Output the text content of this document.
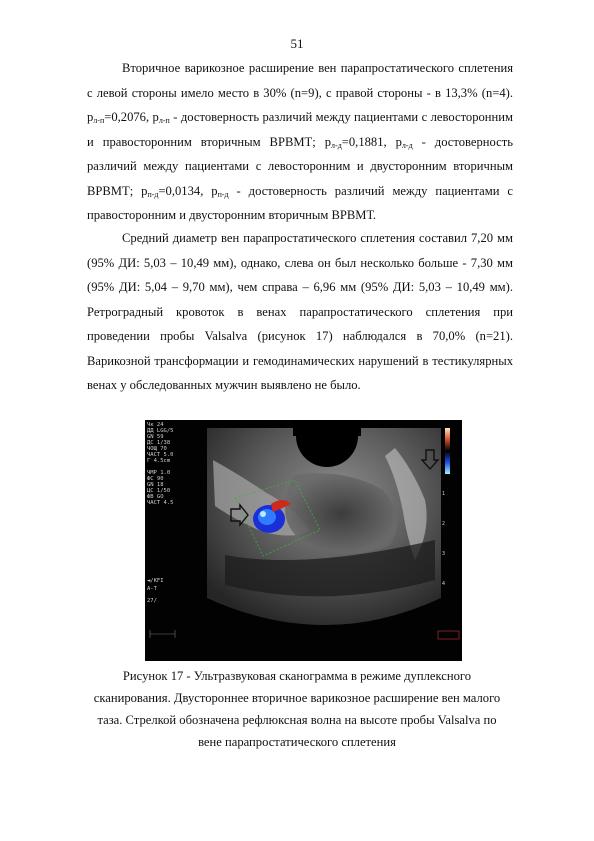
51

Вторичное варикозное расширение вен парапростатического сплетения с левой стороны имело место в 30% (n=9), с правой стороны - в 13,3% (n=4). $p_{л-п}=0,2076$, $p_{л-п}$ - достоверность различий между пациентами с левосторонним и правосторонним вторичным ВРВМТ; $p_{л-д}=0,1881$, $p_{л-д}$ - достоверность различий между пациентами с левосторонним и двусторонним вторичным ВРВМТ; $p_{п-д}=0,0134$, $p_{п-д}$ - достоверность различий между пациентами с правосторонним и двусторонним вторичным ВРВМТ.

Средний диаметр вен парапростатического сплетения составил 7,20 мм (95% ДИ: 5,03 – 10,49 мм), однако, слева он был несколько больше - 7,30 мм (95% ДИ: 5,04 – 9,70 мм), чем справа – 6,96 мм (95% ДИ: 5,03 – 10,49 мм). Ретроградный кровоток в венах парапростатического сплетения при проведении пробы Valsalva (рисунок 17) наблюдался в 70,0% (n=21). Варикозной трансформации и гемодинамических нарушений в тестикулярных венах у обследованных мужчин выявлено не было.

Чк 24
ДД LGG/5
GN 59
ДС 1/38
ЧОЩ 70
ЧАСТ 5.0
Г 4.5cm
ЧМР 1.0
ФС 90
GN 18
ЦС 1/50
ФВ GO
ЧАСТ 4.5
◄/KFI
A-T
27/
1
2
3
4
Рисунок 17 - Ультразвуковая сканограмма в режиме дуплексного
сканирования. Двустороннее вторичное варикозное расширение вен малого
таза. Стрелкой обозначена рефлюксная волна на высоте пробы Valsalva по
вене парапростатического сплетения
